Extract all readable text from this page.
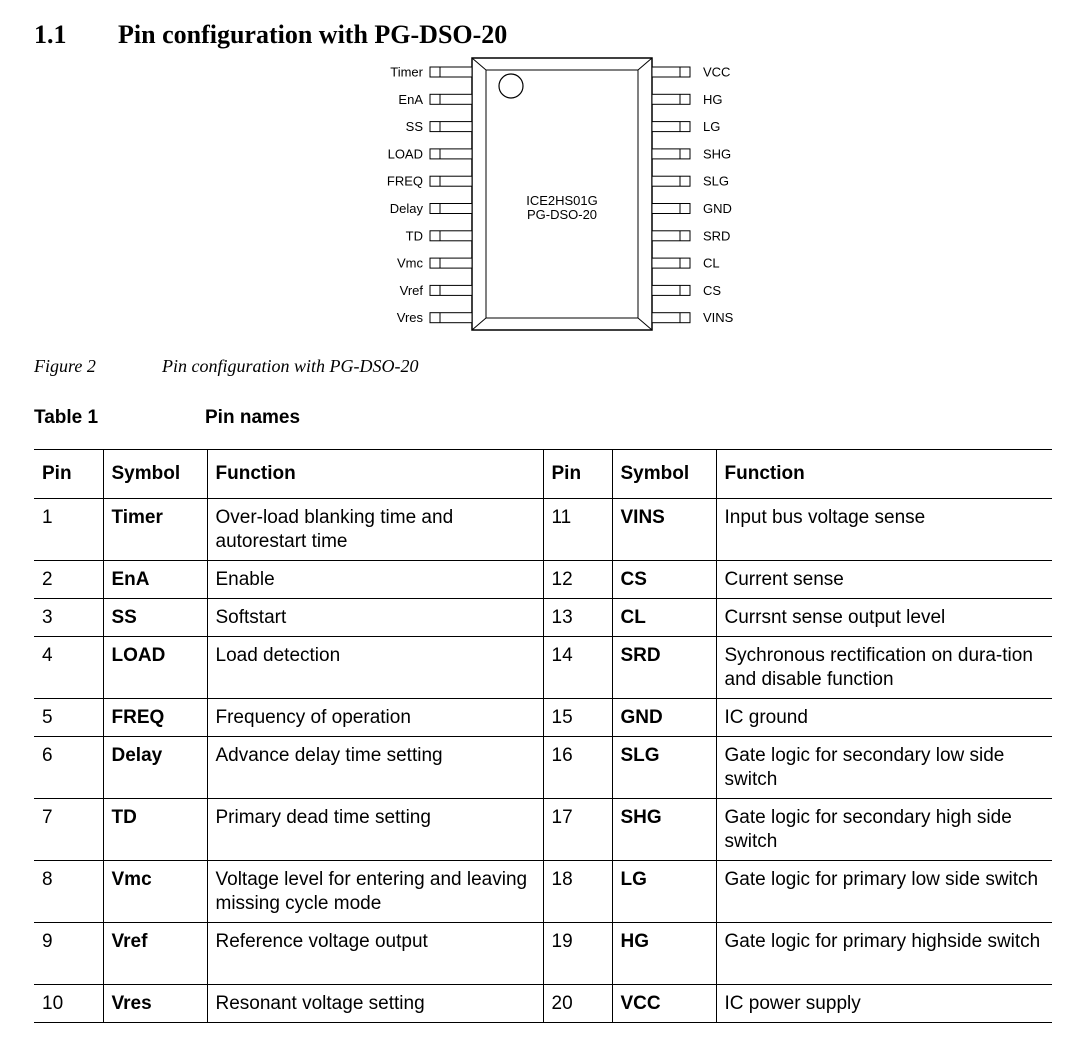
1.1 Pin configuration with PG-DSO-20
ICE2HS01G
PG-DSO-20
Timer
EnA
SS
LOAD
FREQ
Delay
TD
Vmc
Vref
Vres
VCC
HG
LG
SHG
SLG
GND
SRD
CL
CS
VINS
Figure 2	Pin configuration with PG-DSO-20
Table 1	Pin names
Pin	Symbol	Function	Pin	Symbol	Function
1	Timer	Over-load blanking time and autorestart time	11	VINS	Input bus voltage sense
2	EnA	Enable	12	CS	Current sense
3	SS	Softstart	13	CL	Currsnt sense output level
4	LOAD	Load detection	14	SRD	Sychronous rectification on dura-tion and disable function
5	FREQ	Frequency of operation	15	GND	IC ground
6	Delay	Advance delay time setting	16	SLG	Gate logic for secondary low side switch
7	TD	Primary dead time setting	17	SHG	Gate logic for secondary high side switch
8	Vmc	Voltage level for entering and leaving missing cycle mode	18	LG	Gate logic for primary low side switch
9	Vref	Reference voltage output	19	HG	Gate logic for primary highside switch
10	Vres	Resonant voltage setting	20	VCC	IC power supply
